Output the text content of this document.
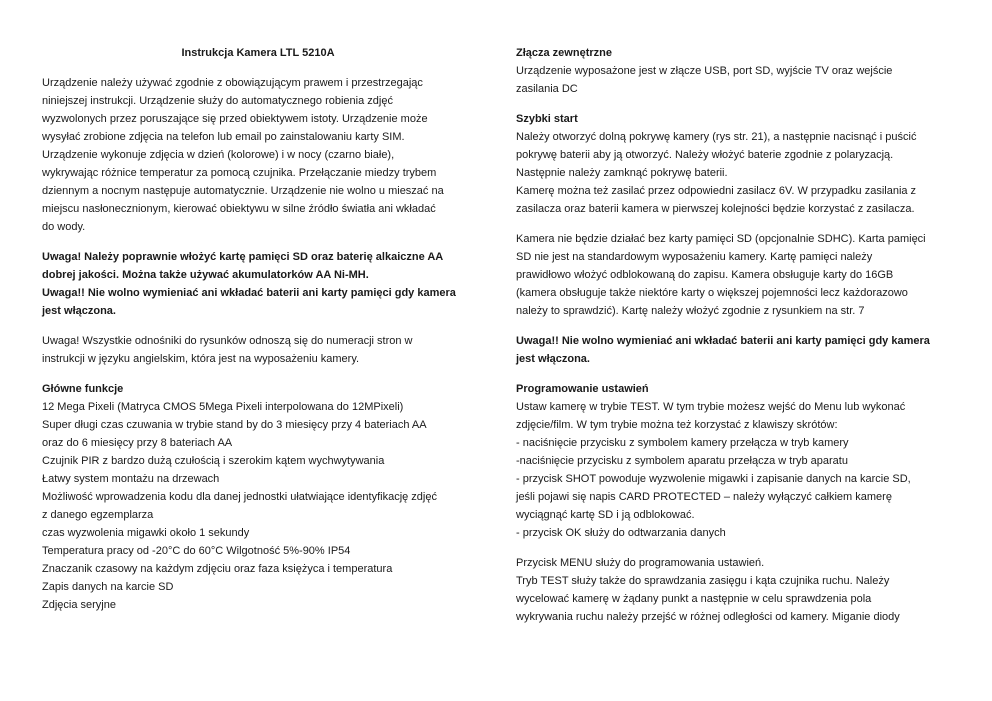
Instrukcja Kamera LTL 5210A
Urządzenie należy używać zgodnie z obowiązującym prawem i przestrzegając
niniejszej instrukcji. Urządzenie służy do automatycznego robienia zdjęć
wyzwolonych przez poruszające się przed obiektywem istoty. Urządzenie może
wysyłać zrobione zdjęcia na telefon lub email po zainstalowaniu karty SIM.
Urządzenie wykonuje zdjęcia w dzień (kolorowe) i w nocy (czarno białe),
wykrywając różnice temperatur za pomocą czujnika. Przełączanie miedzy trybem
dziennym a nocnym następuje automatycznie. Urządzenie nie wolno u mieszać na
miejscu nasłonecznionym, kierować obiektywu w silne źródło światła ani wkładać
do wody.
Uwaga! Należy poprawnie włożyć kartę pamięci SD oraz baterię alkaiczne AA
dobrej jakości. Można także używać akumulatorków AA Ni-MH.
Uwaga!! Nie wolno wymieniać ani wkładać baterii ani karty pamięci gdy kamera
jest włączona.
Uwaga! Wszystkie odnośniki do rysunków odnoszą się do numeracji stron w
instrukcji w języku angielskim, która jest na wyposażeniu kamery.
Główne funkcje
12 Mega Pixeli (Matryca CMOS 5Mega Pixeli interpolowana do 12MPixeli)
Super długi czas czuwania w trybie stand by do 3 miesięcy przy 4 bateriach AA
oraz do 6 miesięcy przy 8 bateriach AA
Czujnik PIR z bardzo dużą czułością i szerokim kątem wychwytywania
Łatwy system montażu na drzewach
Możliwość wprowadzenia kodu dla danej jednostki ułatwiające identyfikację zdjęć
z danego egzemplarza
czas wyzwolenia migawki około 1 sekundy
Temperatura pracy od -20°C do 60°C Wilgotność 5%-90% IP54
Znaczanik czasowy na każdym zdjęciu oraz faza księżyca i temperatura
Zapis danych na karcie SD
Zdjęcia seryjne
Złącza zewnętrzne
Urządzenie wyposażone jest w złącze USB, port SD, wyjście TV oraz wejście
zasilania DC
Szybki start
Należy otworzyć dolną pokrywę kamery (rys str. 21), a następnie nacisnąć i puścić
pokrywę baterii aby ją otworzyć. Należy włożyć baterie zgodnie z polaryzacją.
Następnie należy zamknąć pokrywę baterii.
Kamerę można też zasilać przez odpowiedni zasilacz 6V. W przypadku zasilania z
zasilacza oraz baterii kamera w pierwszej kolejności będzie korzystać z zasilacza.
Kamera nie będzie działać bez karty pamięci SD (opcjonalnie SDHC). Karta pamięci
SD nie jest na standardowym wyposażeniu kamery. Kartę pamięci należy
prawidłowo włożyć odblokowaną do zapisu. Kamera obsługuje karty do 16GB
(kamera obsługuje także niektóre karty o większej pojemności lecz każdorazowo
należy to sprawdzić). Kartę należy włożyć zgodnie z rysunkiem na str. 7
Uwaga!! Nie wolno wymieniać ani wkładać baterii ani karty pamięci gdy kamera
jest włączona.
Programowanie ustawień
Ustaw kamerę w trybie TEST. W tym trybie możesz wejść do Menu lub wykonać
zdjęcie/film. W tym trybie można też korzystać z klawiszy skrótów:
- naciśnięcie przycisku z symbolem kamery przełącza w tryb kamery
-naciśnięcie przycisku z symbolem aparatu przełącza w tryb aparatu
- przycisk SHOT powoduje wyzwolenie migawki i zapisanie danych na karcie SD,
jeśli pojawi się napis CARD PROTECTED – należy wyłączyć całkiem kamerę
wyciągnąć kartę SD i ją odblokować.
- przycisk OK służy do odtwarzania danych
Przycisk MENU służy do programowania ustawień.
Tryb TEST służy także do sprawdzania zasięgu i kąta czujnika ruchu. Należy
wycelować kamerę w żądany punkt a następnie w celu sprawdzenia pola
wykrywania ruchu należy przejść w różnej odległości od kamery. Miganie diody
